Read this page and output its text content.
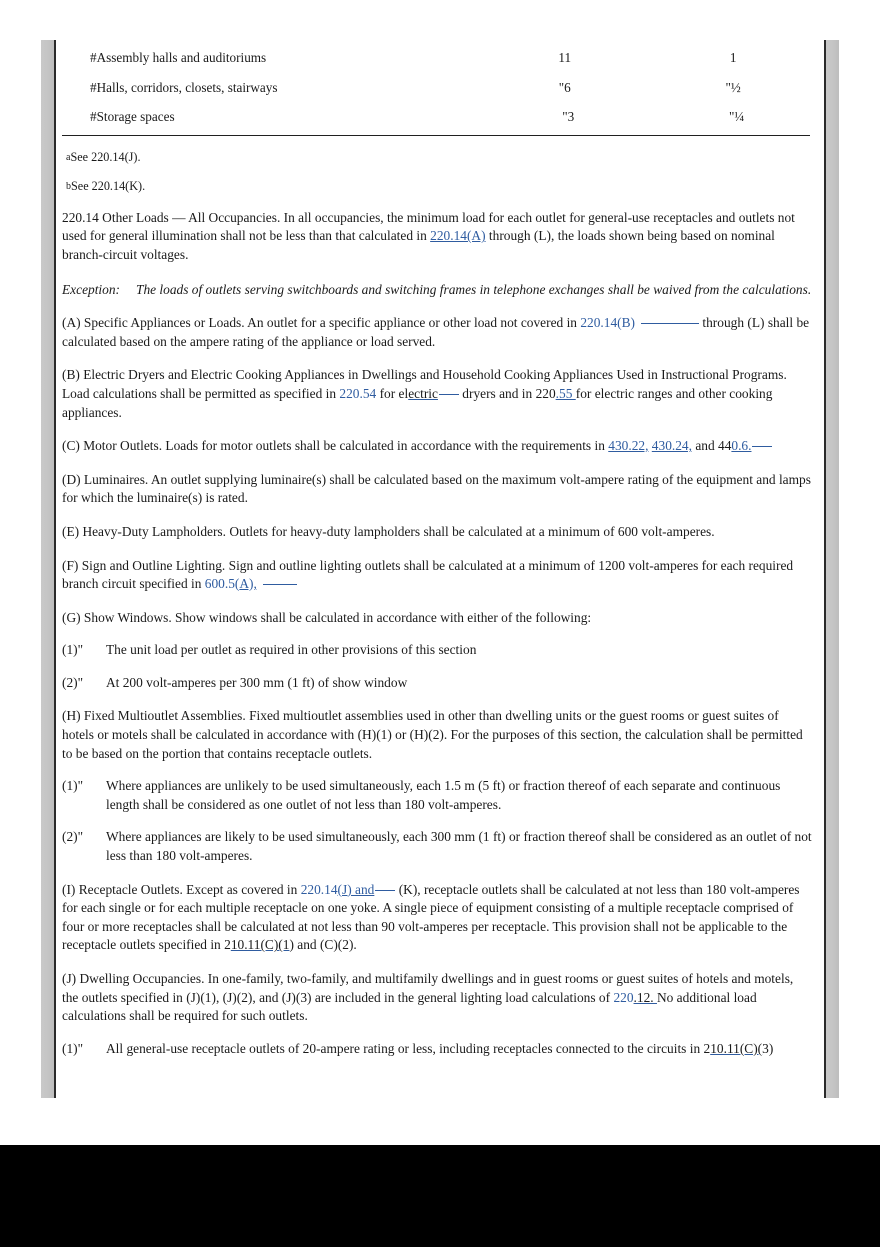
#Assembly halls and auditoriums	11	1
#Halls, corridors, closets, stairways	"6	"½
#Storage spaces	"3	"¼
aSee 220.14(J).
bSee 220.14(K).

220.14 Other Loads — All Occupancies. In all occupancies, the minimum load for each outlet for general-use receptacles and outlets not used for general illumination shall not be less than that calculated in 220.14(A) through (L), the loads shown being based on nominal branch-circuit voltages.

Exception: The loads of outlets serving switchboards and switching frames in telephone exchanges shall be waived from the calculations.

(A) Specific Appliances or Loads. An outlet for a specific appliance or other load not covered in 220.14(B)	through (L) shall be calculated based on the ampere rating of the appliance or load served.

(B) Electric Dryers and Electric Cooking Appliances in Dwellings and Household Cooking Appliances Used in Instructional Programs. Load calculations shall be permitted as specified in 220.54 for electric dryers and in 220.55 for electric ranges and other cooking appliances.

(C) Motor Outlets. Loads for motor outlets shall be calculated in accordance with the requirements in 430.22, 430.24, and 440.6.

(D) Luminaires. An outlet supplying luminaire(s) shall be calculated based on the maximum volt-ampere rating of the equipment and lamps for which the luminaire(s) is rated.

(E) Heavy-Duty Lampholders. Outlets for heavy-duty lampholders shall be calculated at a minimum of 600 volt-amperes.

(F) Sign and Outline Lighting. Sign and outline lighting outlets shall be calculated at a minimum of 1200 volt-amperes for each required branch circuit specified in 600.5(A),

(G) Show Windows. Show windows shall be calculated in accordance with either of the following:

(1)"	The unit load per outlet as required in other provisions of this section
(2)"	At 200 volt-amperes per 300 mm (1 ft) of show window

(H) Fixed Multioutlet Assemblies. Fixed multioutlet assemblies used in other than dwelling units or the guest rooms or guest suites of hotels or motels shall be calculated in accordance with (H)(1) or (H)(2). For the purposes of this section, the calculation shall be permitted to be based on the portion that contains receptacle outlets.

(1)"	Where appliances are unlikely to be used simultaneously, each 1.5 m (5 ft) or fraction thereof of each separate and continuous length shall be considered as one outlet of not less than 180 volt-amperes.
(2)"	Where appliances are likely to be used simultaneously, each 300 mm (1 ft) or fraction thereof shall be considered as an outlet of not less than 180 volt-amperes.

(I) Receptacle Outlets. Except as covered in 220.14(J) and (K), receptacle outlets shall be calculated at not less than 180 volt-amperes for each single or for each multiple receptacle on one yoke. A single piece of equipment consisting of a multiple receptacle comprised of four or more receptacles shall be calculated at not less than 90 volt-amperes per receptacle. This provision shall not be applicable to the receptacle outlets specified in 210.11(C)(1) and (C)(2).

(J) Dwelling Occupancies. In one-family, two-family, and multifamily dwellings and in guest rooms or guest suites of hotels and motels, the outlets specified in (J)(1), (J)(2), and (J)(3) are included in the general lighting load calculations of 220.12. No additional load calculations shall be required for such outlets.

(1)"	All general-use receptacle outlets of 20-ampere rating or less, including receptacles connected to the circuits in 210.11(C)(3)
